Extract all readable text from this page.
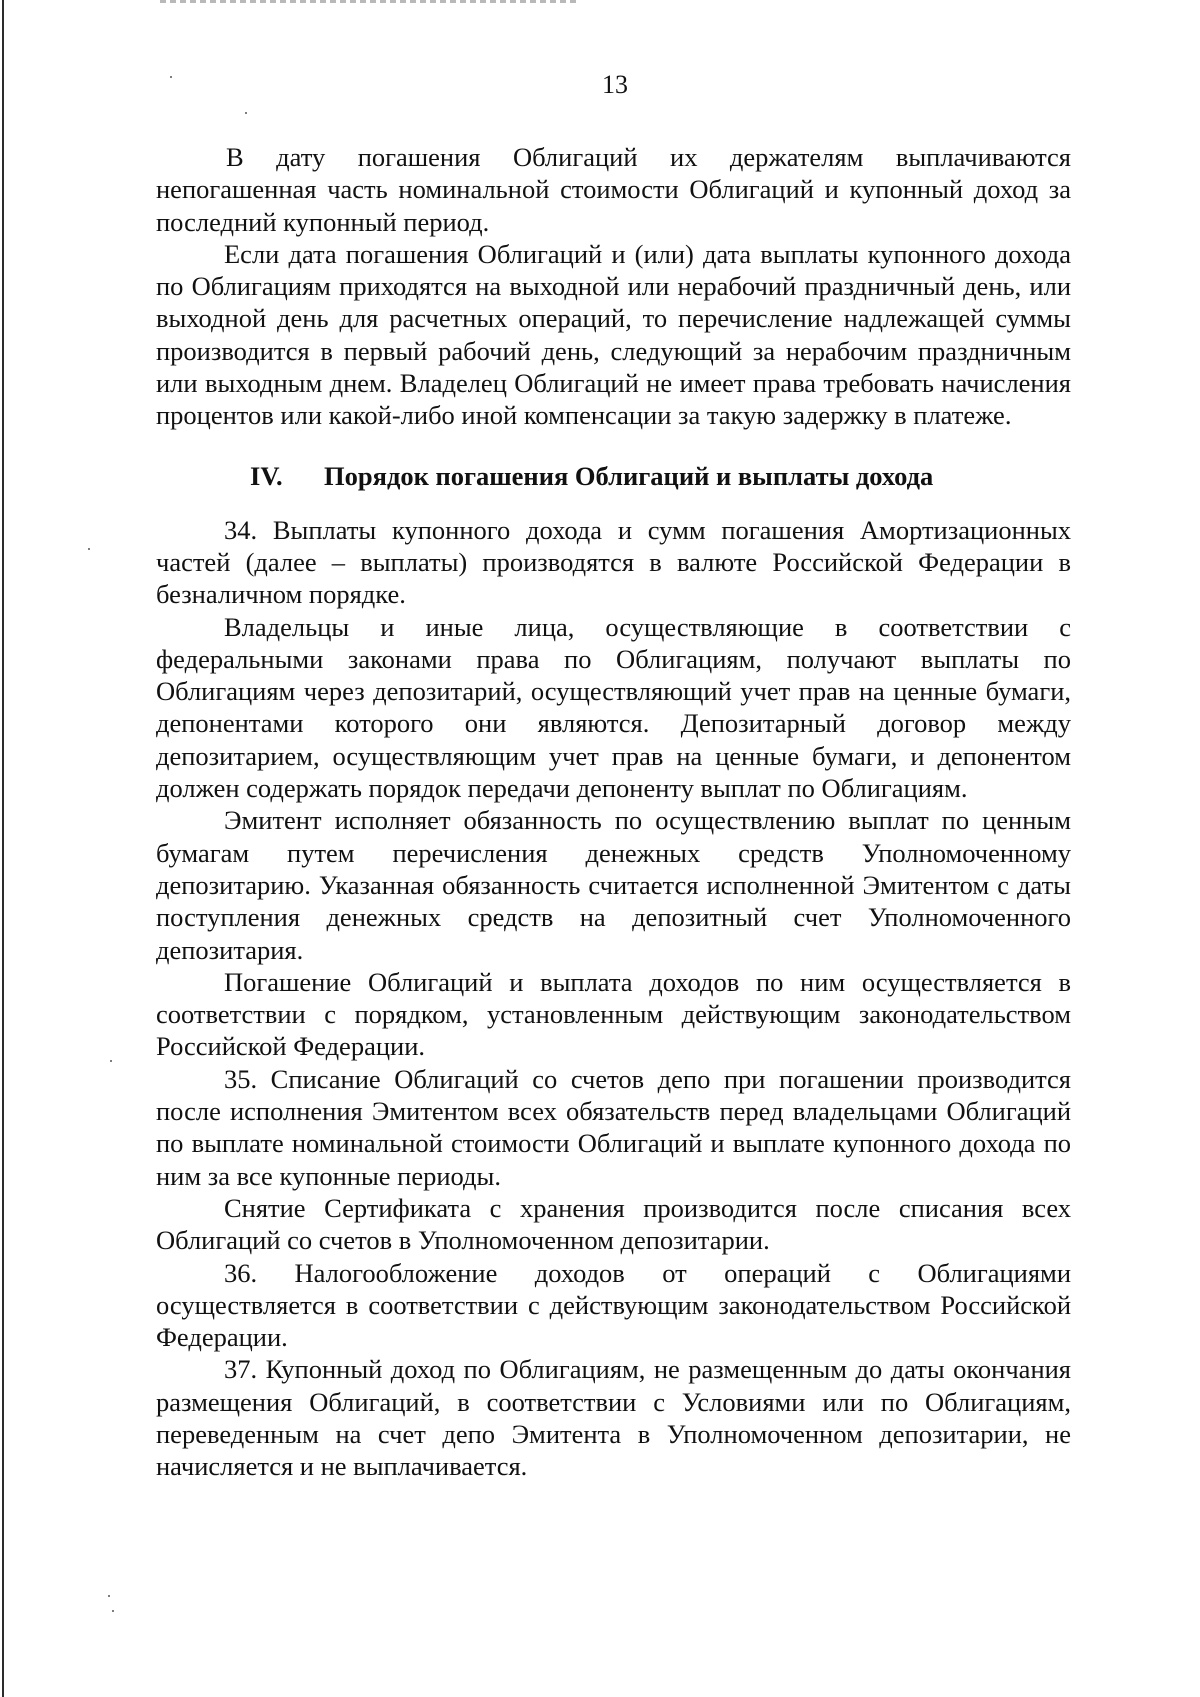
13

В дату погашения Облигаций их держателям выплачиваются непогашенная часть номинальной стоимости Облигаций и купонный доход за последний купонный период.

Если дата погашения Облигаций и (или) дата выплаты купонного дохода по Облигациям приходятся на выходной или нерабочий праздничный день, или выходной день для расчетных операций, то перечисление надлежащей суммы производится в первый рабочий день, следующий за нерабочим праздничным или выходным днем. Владелец Облигаций не имеет права требовать начисления процентов или какой-либо иной компенсации за такую задержку в платеже.

IV. Порядок погашения Облигаций и выплаты дохода

34. Выплаты купонного дохода и сумм погашения Амортизационных частей (далее – выплаты) производятся в валюте Российской Федерации в безналичном порядке.

Владельцы и иные лица, осуществляющие в соответствии с федеральными законами права по Облигациям, получают выплаты по Облигациям через депозитарий, осуществляющий учет прав на ценные бумаги, депонентами которого они являются. Депозитарный договор между депозитарием, осуществляющим учет прав на ценные бумаги, и депонентом должен содержать порядок передачи депоненту выплат по Облигациям.

Эмитент исполняет обязанность по осуществлению выплат по ценным бумагам путем перечисления денежных средств Уполномоченному депозитарию. Указанная обязанность считается исполненной Эмитентом с даты поступления денежных средств на депозитный счет Уполномоченного депозитария.

Погашение Облигаций и выплата доходов по ним осуществляется в соответствии с порядком, установленным действующим законодательством Российской Федерации.

35. Списание Облигаций со счетов депо при погашении производится после исполнения Эмитентом всех обязательств перед владельцами Облигаций по выплате номинальной стоимости Облигаций и выплате купонного дохода по ним за все купонные периоды.

Снятие Сертификата с хранения производится после списания всех Облигаций со счетов в Уполномоченном депозитарии.

36. Налогообложение доходов от операций с Облигациями осуществляется в соответствии с действующим законодательством Российской Федерации.

37. Купонный доход по Облигациям, не размещенным до даты окончания размещения Облигаций, в соответствии с Условиями или по Облигациям, переведенным на счет депо Эмитента в Уполномоченном депозитарии, не начисляется и не выплачивается.
